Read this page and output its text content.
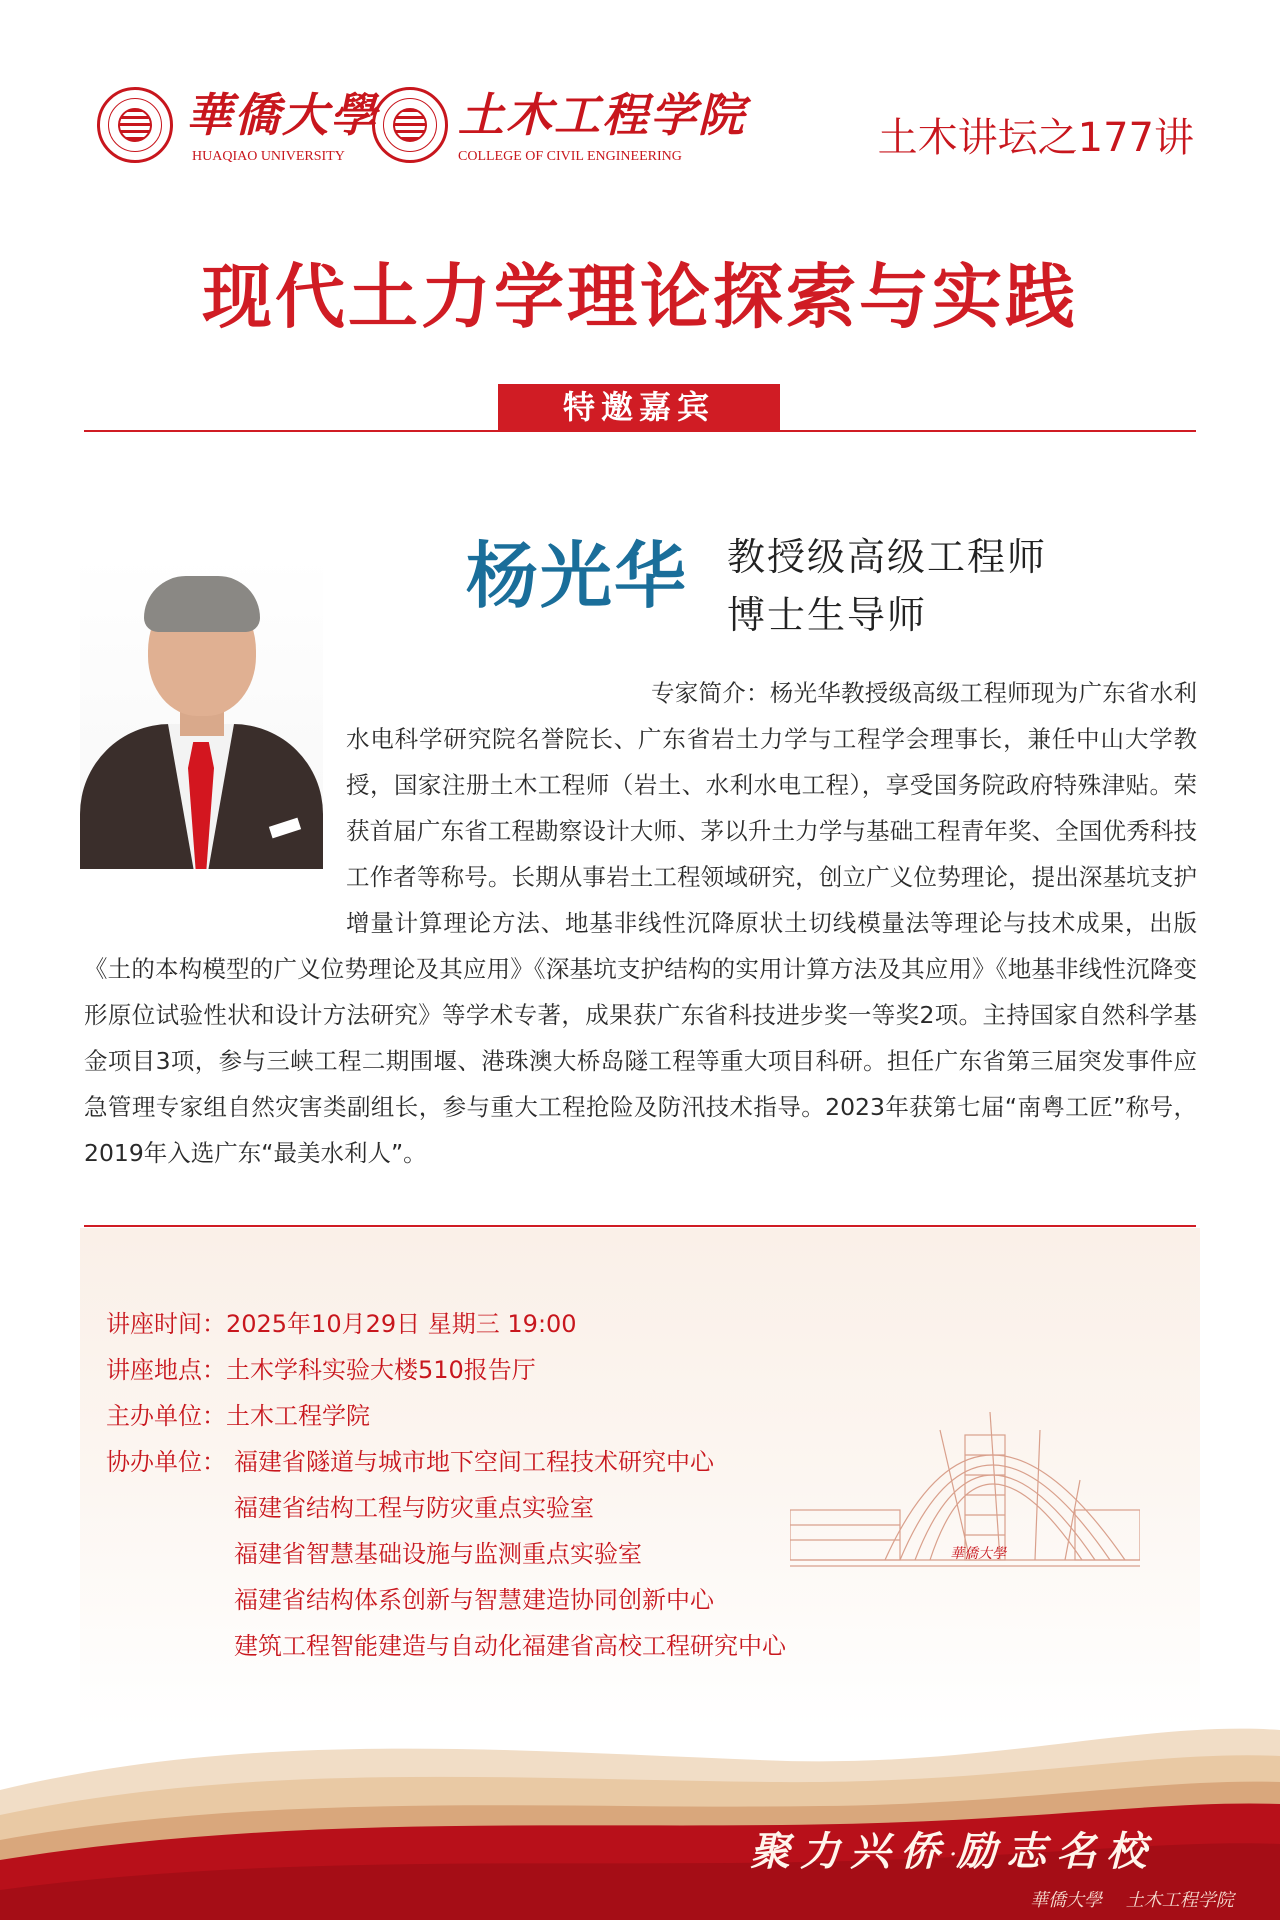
華僑大學
HUAQIAO UNIVERSITY
土木工程学院
COLLEGE OF CIVIL ENGINEERING	土木讲坛之177讲
现代土力学理论探索与实践
特邀嘉宾
杨光华 教授级高级工程师
博士生导师
专家简介：杨光华教授级高级工程师现为广东省水利水电科学研究院名誉院长、广东省岩土力学与工程学会理事长，兼任中山大学教授，国家注册土木工程师（岩土、水利水电工程），享受国务院政府特殊津贴。荣获首届广东省工程勘察设计大师、茅以升土力学与基础工程青年奖、全国优秀科技工作者等称号。长期从事岩土工程领域研究，创立广义位势理论，提出深基坑支护增量计算理论方法、地基非线性沉降原状土切线模量法等理论与技术成果，出版《土的本构模型的广义位势理论及其应用》《深基坑支护结构的实用计算方法及其应用》《地基非线性沉降变形原位试验性状和设计方法研究》等学术专著，成果获广东省科技进步奖一等奖2项。主持国家自然科学基金项目3项，参与三峡工程二期围堰、港珠澳大桥岛隧工程等重大项目科研。担任广东省第三届突发事件应急管理专家组自然灾害类副组长，参与重大工程抢险及防汛技术指导。2023年获第七届“南粤工匠”称号，2019年入选广东“最美水利人”。
華僑大學
讲座时间：2025年10月29日 星期三 19:00
讲座地点：土木学科实验大楼510报告厅
主办单位：土木工程学院
协办单位： 福建省隧道与城市地下空间工程技术研究中心
福建省结构工程与防灾重点实验室
福建省智慧基础设施与监测重点实验室
福建省结构体系创新与智慧建造协同创新中心
建筑工程智能建造与自动化福建省高校工程研究中心
聚力兴侨·励志名校
華僑大學 土木工程学院
